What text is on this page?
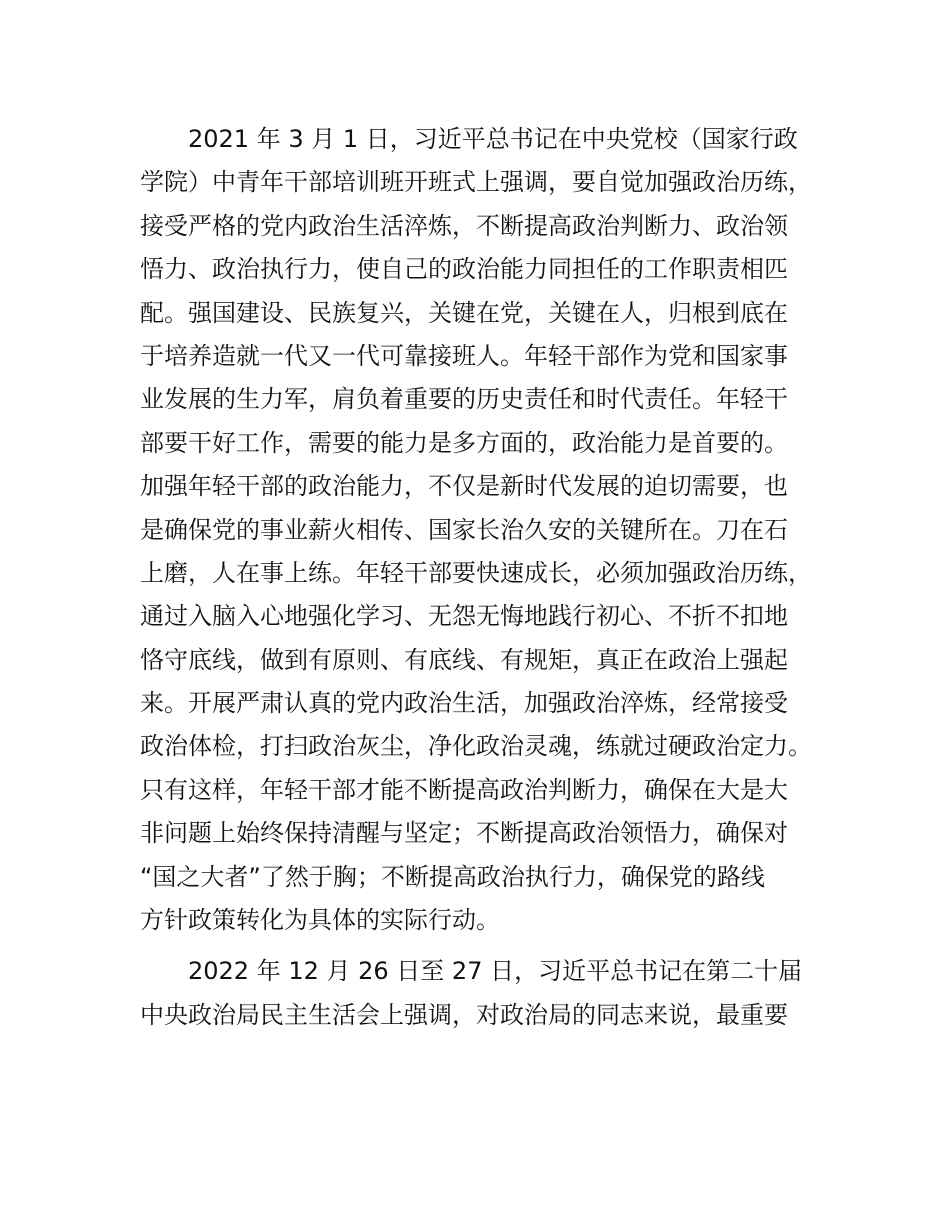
2021 年 3 月 1 日，习近平总书记在中央党校（国家行政
学院）中青年干部培训班开班式上强调，要自觉加强政治历练，
接受严格的党内政治生活淬炼，不断提高政治判断力、政治领
悟力、政治执行力，使自己的政治能力同担任的工作职责相匹
配。强国建设、民族复兴，关键在党，关键在人，归根到底在
于培养造就一代又一代可靠接班人。年轻干部作为党和国家事
业发展的生力军，肩负着重要的历史责任和时代责任。年轻干
部要干好工作，需要的能力是多方面的，政治能力是首要的。
加强年轻干部的政治能力，不仅是新时代发展的迫切需要，也
是确保党的事业薪火相传、国家长治久安的关键所在。刀在石
上磨，人在事上练。年轻干部要快速成长，必须加强政治历练，
通过入脑入心地强化学习、无怨无悔地践行初心、不折不扣地
恪守底线，做到有原则、有底线、有规矩，真正在政治上强起
来。开展严肃认真的党内政治生活，加强政治淬炼，经常接受
政治体检，打扫政治灰尘，净化政治灵魂，练就过硬政治定力。
只有这样，年轻干部才能不断提高政治判断力，确保在大是大
非问题上始终保持清醒与坚定；不断提高政治领悟力，确保对
“国之大者”了然于胸；不断提高政治执行力，确保党的路线
方针政策转化为具体的实际行动。

2022 年 12 月 26 日至 27 日，习近平总书记在第二十届
中央政治局民主生活会上强调，对政治局的同志来说，最重要
